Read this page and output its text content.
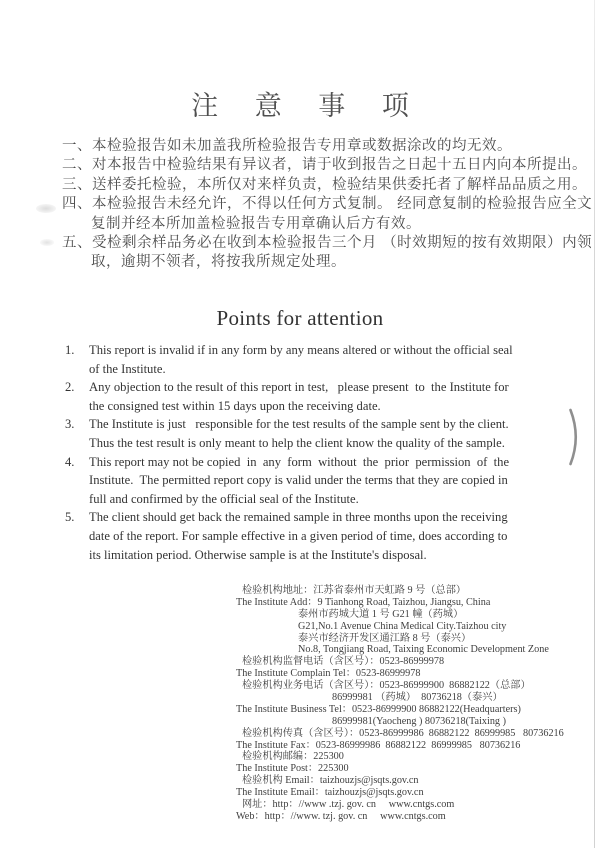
注 意 事 项
一、本检验报告如未加盖我所检验报告专用章或数据涂改的均无效。
二、对本报告中检验结果有异议者，请于收到报告之日起十五日内向本所提出。
三、送样委托检验，本所仅对来样负责，检验结果供委托者了解样品品质之用。
四、本检验报告未经允许，不得以任何方式复制。 经同意复制的检验报告应全文
复制并经本所加盖检验报告专用章确认后方有效。
五、受检剩余样品务必在收到本检验报告三个月 （时效期短的按有效期限）内领
取，逾期不领者，将按我所规定处理。
Points for attention
1.	This report is invalid if in any form by any means altered or without the official seal
of the Institute.
2.	Any objection to the result of this report in test,   please present  to  the Institute for
the consigned test within 15 days upon the receiving date.
3.	The Institute is just   responsible for the test results of the sample sent by the client.
Thus the test result is only meant to help the client know the quality of the sample.
4.	This report may not be copied  in  any  form  without  the  prior  permission  of  the
Institute.  The permitted report copy is valid under the terms that they are copied in
full and confirmed by the official seal of the Institute.
5.	The client should get back the remained sample in three months upon the receiving
date of the report. For sample effective in a given period of time, does according to
its limitation period. Otherwise sample is at the Institute's disposal.
检验机构地址：江苏省泰州市天虹路 9 号（总部）
The Institute Add：9 Tianhong Road, Taizhou, Jiangsu, China
泰州市药城大道 1 号 G21 幢（药城）
G21,No.1 Avenue China Medical City.Taizhou city
泰兴市经济开发区通江路 8 号（泰兴）
No.8, Tongjiang Road, Taixing Economic Development Zone
检验机构监督电话（含区号）：0523-86999978
The Institute Complain Tel：0523-86999978
检验机构业务电话（含区号）：0523-86999900  86882122（总部）
86999981 （药城）  80736218（泰兴）
The Institute Business Tel：0523-86999900 86882122(Headquarters)
86999981(Yaocheng ) 80736218(Taixing )
检验机构传真（含区号）：0523-86999986  86882122  86999985   80736216
The Institute Fax：0523-86999986  86882122  86999985   80736216
检验机构邮编：225300
The Institute Post：225300
检验机构 Email：taizhouzjs@jsqts.gov.cn
The Institute Email：taizhouzjs@jsqts.gov.cn
网址：http：//www .tzj. gov. cn     www.cntgs.com
Web：http：//www. tzj. gov. cn     www.cntgs.com
